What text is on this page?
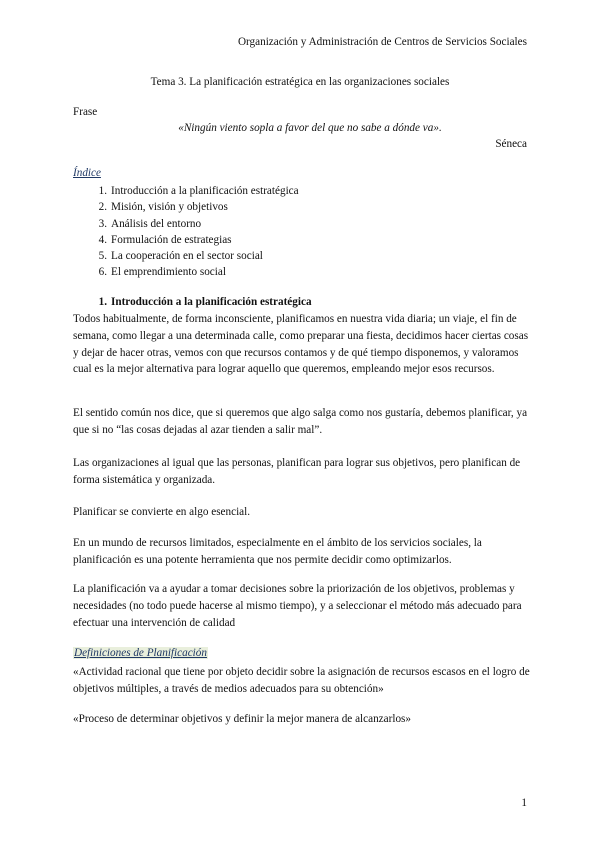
Organización y Administración de Centros de Servicios Sociales
Tema 3. La planificación estratégica en las organizaciones sociales
Frase
«Ningún viento sopla a favor del que no sabe a dónde va».
Séneca
Índice
1. Introducción a la planificación estratégica
2. Misión, visión y objetivos
3. Análisis del entorno
4. Formulación de estrategias
5. La cooperación en el sector social
6. El emprendimiento social
1. Introducción a la planificación estratégica

Todos habitualmente, de forma inconsciente, planificamos en nuestra vida diaria; un viaje, el fin de semana, como llegar a una determinada calle, como preparar una fiesta, decidimos hacer ciertas cosas y dejar de hacer otras, vemos con que recursos contamos y de qué tiempo disponemos, y valoramos cual es la mejor alternativa para lograr aquello que queremos, empleando mejor esos recursos.

El sentido común nos dice, que si queremos que algo salga como nos gustaría, debemos planificar, ya que si no “las cosas dejadas al azar tienden a salir mal”.

Las organizaciones al igual que las personas, planifican para lograr sus objetivos, pero planifican de forma sistemática y organizada.

Planificar se convierte en algo esencial.

En un mundo de recursos limitados, especialmente en el ámbito de los servicios sociales, la planificación es una potente herramienta que nos permite decidir como optimizarlos.

La planificación va a ayudar a tomar decisiones sobre la priorización de los objetivos, problemas y necesidades (no todo puede hacerse al mismo tiempo), y a seleccionar el método más adecuado para efectuar una intervención de calidad

Definiciones de Planificación

«Actividad racional que tiene por objeto decidir sobre la asignación de recursos escasos en el logro de objetivos múltiples, a través de medios adecuados para su obtención»

«Proceso de determinar objetivos y definir la mejor manera de alcanzarlos»

1
